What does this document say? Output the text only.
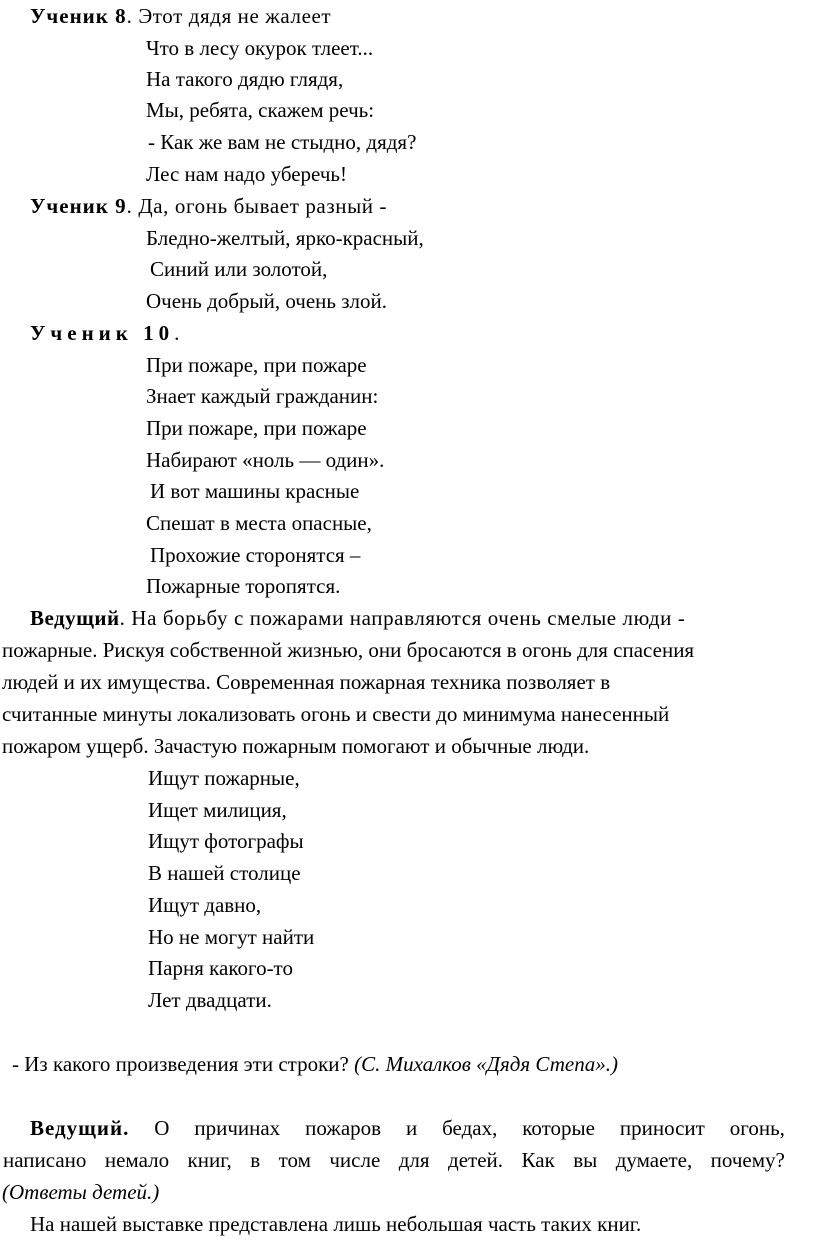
Ученик 8. Этот дядя не жалеет
Что в лесу окурок тлеет...
На такого дядю глядя,
Мы, ребята, скажем речь:
- Как же вам не стыдно, дядя?
Лес нам надо уберечь!
Ученик 9. Да, огонь бывает разный -
Бледно-желтый, ярко-красный,
Синий или золотой,
Очень добрый, очень злой.
Ученик 10.
При пожаре, при пожаре
Знает каждый гражданин:
При пожаре, при пожаре
Набирают «ноль — один».
И вот машины красные
Спешат в места опасные,
Прохожие сторонятся –
Пожарные торопятся.
Ведущий. На борьбу с пожарами направляются очень смелые люди -
пожарные. Рискуя собственной жизнью, они бросаются в огонь для спасения
людей и их имущества. Современная пожарная техника позволяет в
считанные минуты локализовать огонь и свести до минимума нанесенный
пожаром ущерб. Зачастую пожарным помогают и обычные люди.
Ищут пожарные,
Ищет милиция,
Ищут фотографы
В нашей столице
Ищут давно,
Но не могут найти
Парня какого-то
Лет двадцати.
- Из какого произведения эти строки? (С. Михалков «Дядя Степа».)
Ведущий. О причинах пожаров и бедах, которые приносит огонь,
написано немало книг, в том числе для детей. Как вы думаете, почему?
(Ответы детей.)
На нашей выставке представлена лишь небольшая часть таких книг.
